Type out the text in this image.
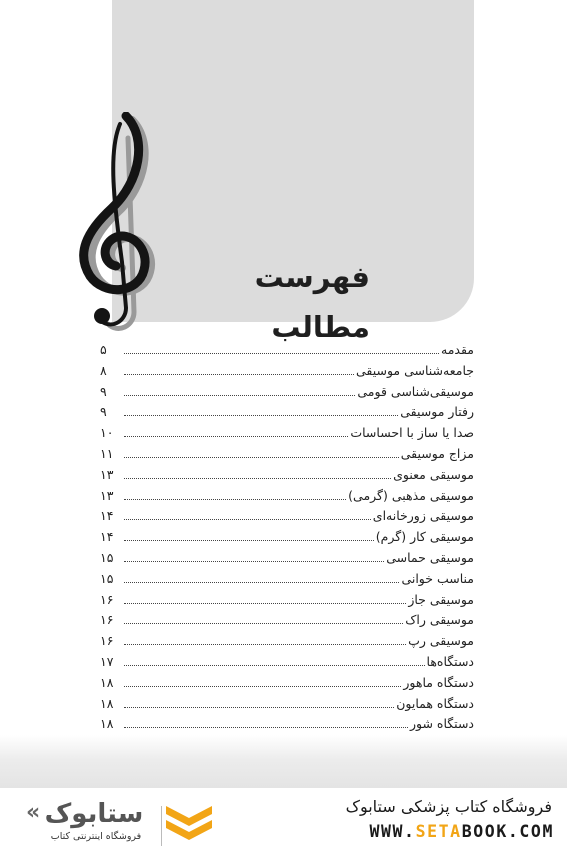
فهرست مطالب
۵	مقدمه
۸	جامعه‌شناسی موسیقی
۹	موسیقی‌شناسی قومی
۹	رفتار موسیقی
۱۰	صدا یا ساز با احساسات
۱۱	مزاج موسیقی
۱۳	موسیقی معنوی
۱۳	موسیقی مذهبی (گرمی)
۱۴	موسیقی زورخانه‌ای
۱۴	موسیقی کار (گرم)
۱۵	موسیقی حماسی
۱۵	مناسب خوانی
۱۶	موسیقی جاز
۱۶	موسیقی راک
۱۶	موسیقی رپ
۱۷	دستگاه‌ها
۱۸	دستگاه ماهور
۱۸	دستگاه همایون
۱۸	دستگاه شور
« ستابوک
فروشگاه اینترنتی کتاب
فروشگاه کتاب پزشکی ستابوک
WWW.SETABOOK.COM
